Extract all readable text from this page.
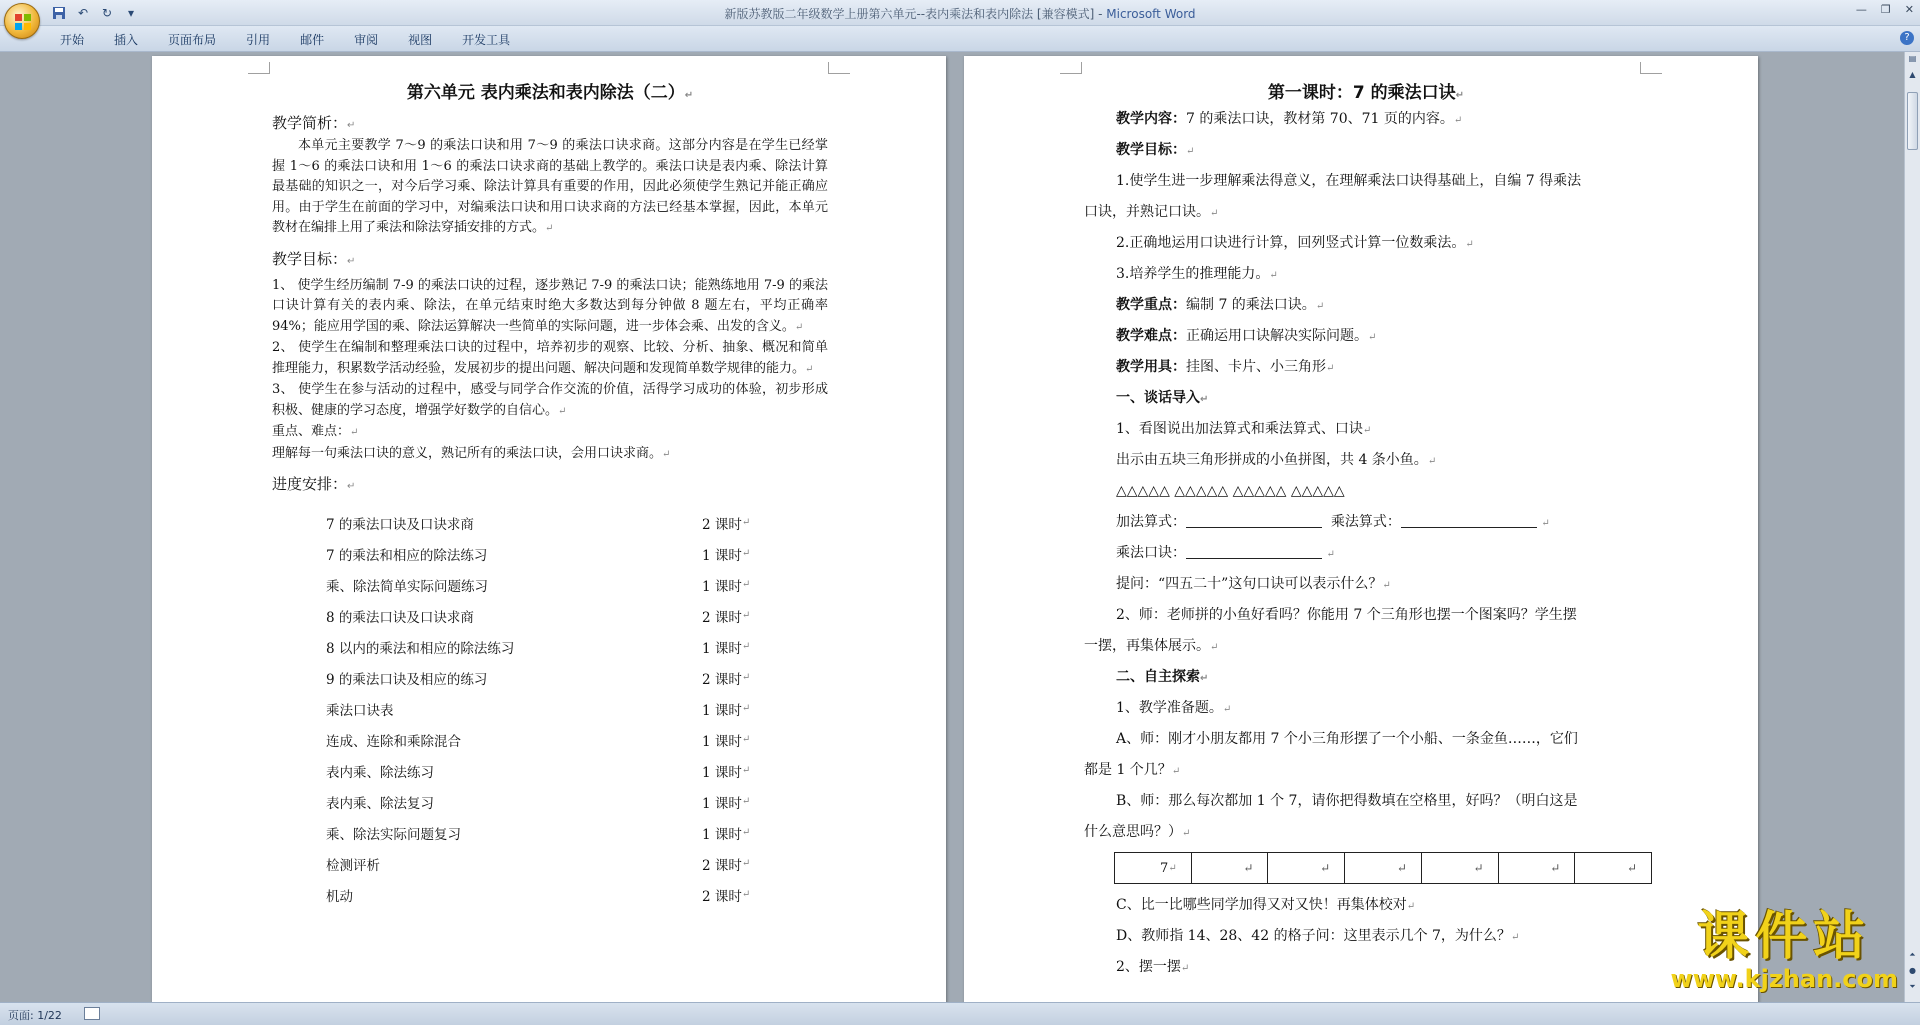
↶	↻	▾	新版苏教版二年级数学上册第六单元--表内乘法和表内除法 [兼容模式] - Microsoft Word	— ❐ ✕
开始	插入	页面布局	引用	邮件	审阅	视图	开发工具	?
第六单元 表内乘法和表内除法（二）↵
教学简析：↵
本单元主要教学 7～9 的乘法口诀和用 7～9 的乘法口诀求商。这部分内容是在学生已经掌握 1～6 的乘法口诀和用 1～6 的乘法口诀求商的基础上教学的。乘法口诀是表内乘、除法计算最基础的知识之一，对今后学习乘、除法计算具有重要的作用，因此必须使学生熟记并能正确应用。由于学生在前面的学习中，对编乘法口诀和用口诀求商的方法已经基本掌握，因此，本单元教材在编排上用了乘法和除法穿插安排的方式。↵
教学目标：↵
1、 使学生经历编制 7-9 的乘法口诀的过程，逐步熟记 7-9 的乘法口诀；能熟练地用 7-9 的乘法口诀计算有关的表内乘、除法，在单元结束时绝大多数达到每分钟做 8 题左右，平均正确率 94%；能应用学国的乘、除法运算解决一些简单的实际问题，进一步体会乘、出发的含义。↵
2、 使学生在编制和整理乘法口诀的过程中，培养初步的观察、比较、分析、抽象、概况和简单推理能力，积累数学活动经验，发展初步的提出问题、解决问题和发现简单数学规律的能力。↵
3、 使学生在参与活动的过程中，感受与同学合作交流的价值，活得学习成功的体验，初步形成积极、健康的学习态度，增强学好数学的自信心。↵
重点、难点：↵
理解每一句乘法口诀的意义，熟记所有的乘法口诀，会用口诀求商。↵
进度安排：↵
7 的乘法口诀及口诀求商	2 课时 ↵
7 的乘法和相应的除法练习	1 课时 ↵
乘、除法简单实际问题练习	1 课时 ↵
8 的乘法口诀及口诀求商	2 课时 ↵
8 以内的乘法和相应的除法练习	1 课时 ↵
9 的乘法口诀及相应的练习	2 课时 ↵
乘法口诀表	1 课时 ↵
连成、连除和乘除混合	1 课时 ↵
表内乘、除法练习	1 课时 ↵
表内乘、除法复习	1 课时 ↵
乘、除法实际问题复习	1 课时 ↵
检测评析	2 课时 ↵
机动	2 课时 ↵
第一课时：7 的乘法口诀↵
教学内容：7 的乘法口诀，教材第 70、71 页的内容。↵
教学目标：↵
1.使学生进一步理解乘法得意义，在理解乘法口诀得基础上，自编 7 得乘法
口诀，并熟记口诀。↵
2.正确地运用口诀进行计算，回列竖式计算一位数乘法。↵
3.培养学生的推理能力。↵
教学重点：编制 7 的乘法口诀。↵
教学难点：正确运用口诀解决实际问题。↵
教学用具：挂图、卡片、小三角形↵
一、谈话导入↵
1、看图说出加法算式和乘法算式、口诀↵
出示由五块三角形拼成的小鱼拼图，共 4 条小鱼。↵
△△△△△ △△△△△ △△△△△ △△△△△
加法算式：	乘法算式：	↵
乘法口诀：	↵
提问：“四五二十”这句口诀可以表示什么？↵
2、师：老师拼的小鱼好看吗？你能用 7 个三角形也摆一个图案吗？学生摆
一摆，再集体展示。↵
二、自主探索↵
1、教学准备题。↵
A、师：刚才小朋友都用 7 个小三角形摆了一个小船、一条金鱼……，它们
都是 1 个几？↵
B、师：那么每次都加 1 个 7，请你把得数填在空格里，好吗？（明白这是
什么意思吗？）↵
7 ↵	↵	↵	↵	↵	↵	↵
C、比一比哪些同学加得又对又快！再集体校对↵
D、教师指 14、28、42 的格子问：这里表示几个 7，为什么？↵
2、摆一摆↵
▤
▲
⏶
●
⏷
页面: 1/22
课件站
www.kjzhan.com
